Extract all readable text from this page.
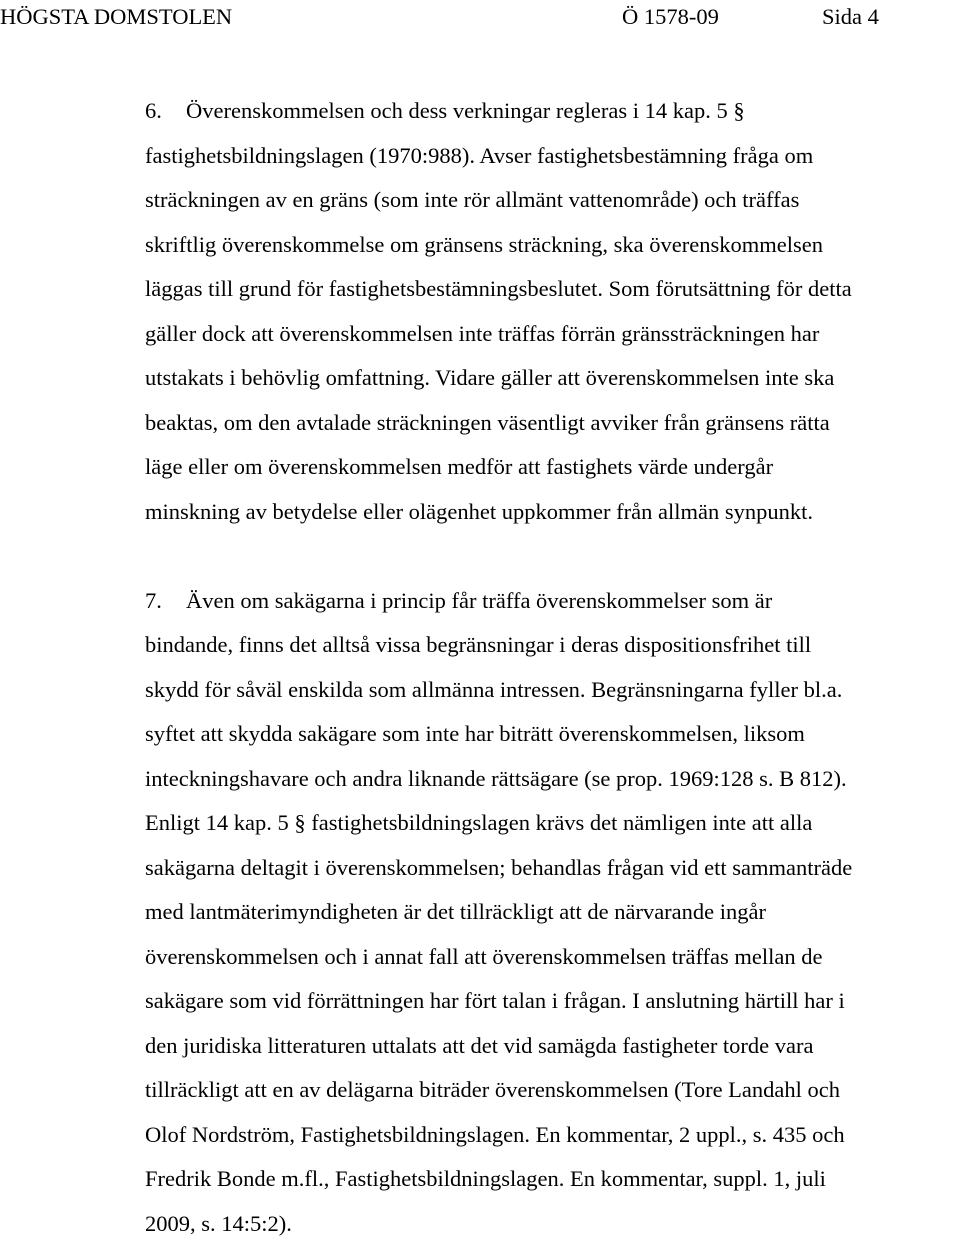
HÖGSTA DOMSTOLEN	Ö 1578-09	Sida 4
6. Överenskommelsen och dess verkningar regleras i 14 kap. 5 §
fastighetsbildningslagen (1970:988). Avser fastighetsbestämning fråga om
sträckningen av en gräns (som inte rör allmänt vattenområde) och träffas
skriftlig överenskommelse om gränsens sträckning, ska överenskommelsen
läggas till grund för fastighetsbestämningsbeslutet. Som förutsättning för detta
gäller dock att överenskommelsen inte träffas förrän gränssträckningen har
utstakats i behövlig omfattning. Vidare gäller att överenskommelsen inte ska
beaktas, om den avtalade sträckningen väsentligt avviker från gränsens rätta
läge eller om överenskommelsen medför att fastighets värde undergår
minskning av betydelse eller olägenhet uppkommer från allmän synpunkt.
7. Även om sakägarna i princip får träffa överenskommelser som är
bindande, finns det alltså vissa begränsningar i deras dispositionsfrihet till
skydd för såväl enskilda som allmänna intressen. Begränsningarna fyller bl.a.
syftet att skydda sakägare som inte har biträtt överenskommelsen, liksom
inteckningshavare och andra liknande rättsägare (se prop. 1969:128 s. B 812).
Enligt 14 kap. 5 § fastighetsbildningslagen krävs det nämligen inte att alla
sakägarna deltagit i överenskommelsen; behandlas frågan vid ett sammanträde
med lantmäterimyndigheten är det tillräckligt att de närvarande ingår
överenskommelsen och i annat fall att överenskommelsen träffas mellan de
sakägare som vid förrättningen har fört talan i frågan. I anslutning härtill har i
den juridiska litteraturen uttalats att det vid samägda fastigheter torde vara
tillräckligt att en av delägarna biträder överenskommelsen (Tore Landahl och
Olof Nordström, Fastighetsbildningslagen. En kommentar, 2 uppl., s. 435 och
Fredrik Bonde m.fl., Fastighetsbildningslagen. En kommentar, suppl. 1, juli
2009, s. 14:5:2).
